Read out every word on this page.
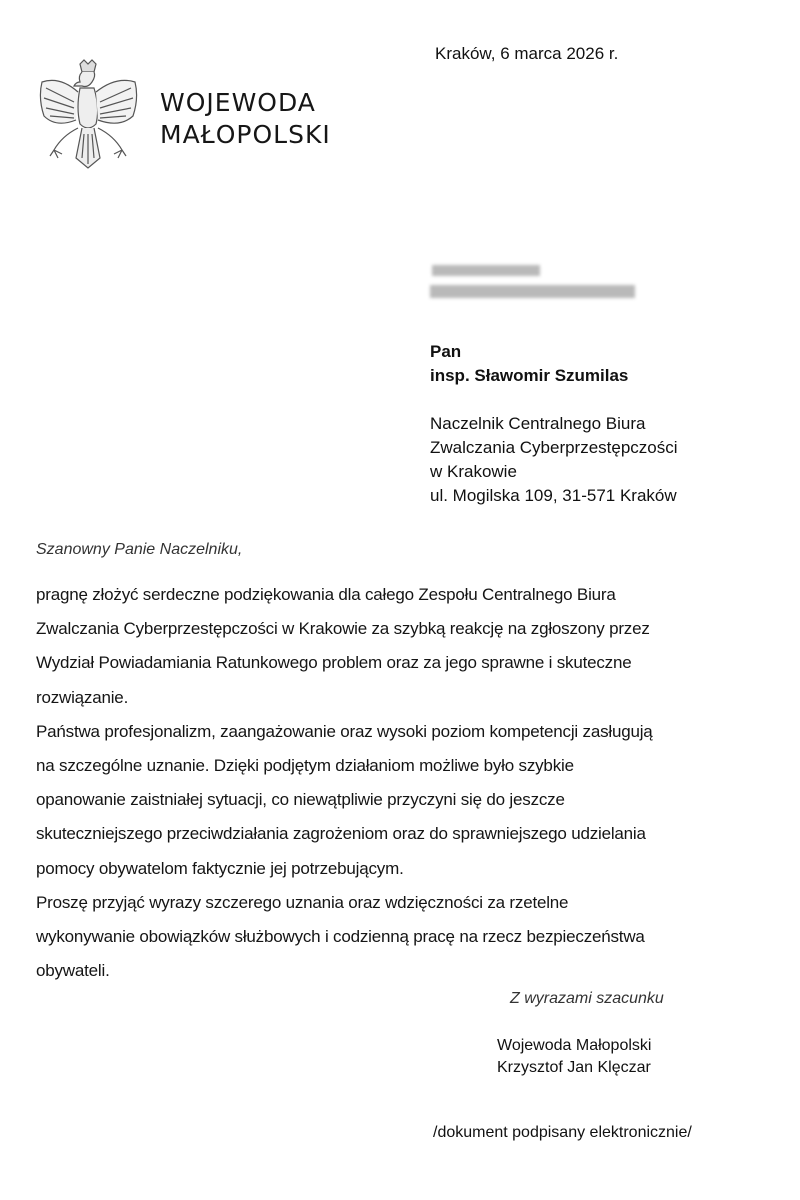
WOJEWODA
MAŁOPOLSKI
Kraków, 6 marca 2026 r.
Pan
insp. Sławomir Szumilas
Naczelnik Centralnego Biura
Zwalczania Cyberprzestępczości
w Krakowie
ul. Mogilska 109, 31-571 Kraków
Szanowny Panie Naczelniku,

pragnę złożyć serdeczne podziękowania dla całego Zespołu Centralnego Biura

Zwalczania Cyberprzestępczości w Krakowie za szybką reakcję na zgłoszony przez

Wydział Powiadamiania Ratunkowego problem oraz za jego sprawne i skuteczne

rozwiązanie.

Państwa profesjonalizm, zaangażowanie oraz wysoki poziom kompetencji zasługują

na szczególne uznanie. Dzięki podjętym działaniom możliwe było szybkie

opanowanie zaistniałej sytuacji, co niewątpliwie przyczyni się do jeszcze

skuteczniejszego przeciwdziałania zagrożeniom oraz do sprawniejszego udzielania

pomocy obywatelom faktycznie jej potrzebującym.

Proszę przyjąć wyrazy szczerego uznania oraz wdzięczności za rzetelne

wykonywanie obowiązków służbowych i codzienną pracę na rzecz bezpieczeństwa

obywateli.

Z wyrazami szacunku
Wojewoda Małopolski
Krzysztof Jan Klęczar
/dokument podpisany elektronicznie/
